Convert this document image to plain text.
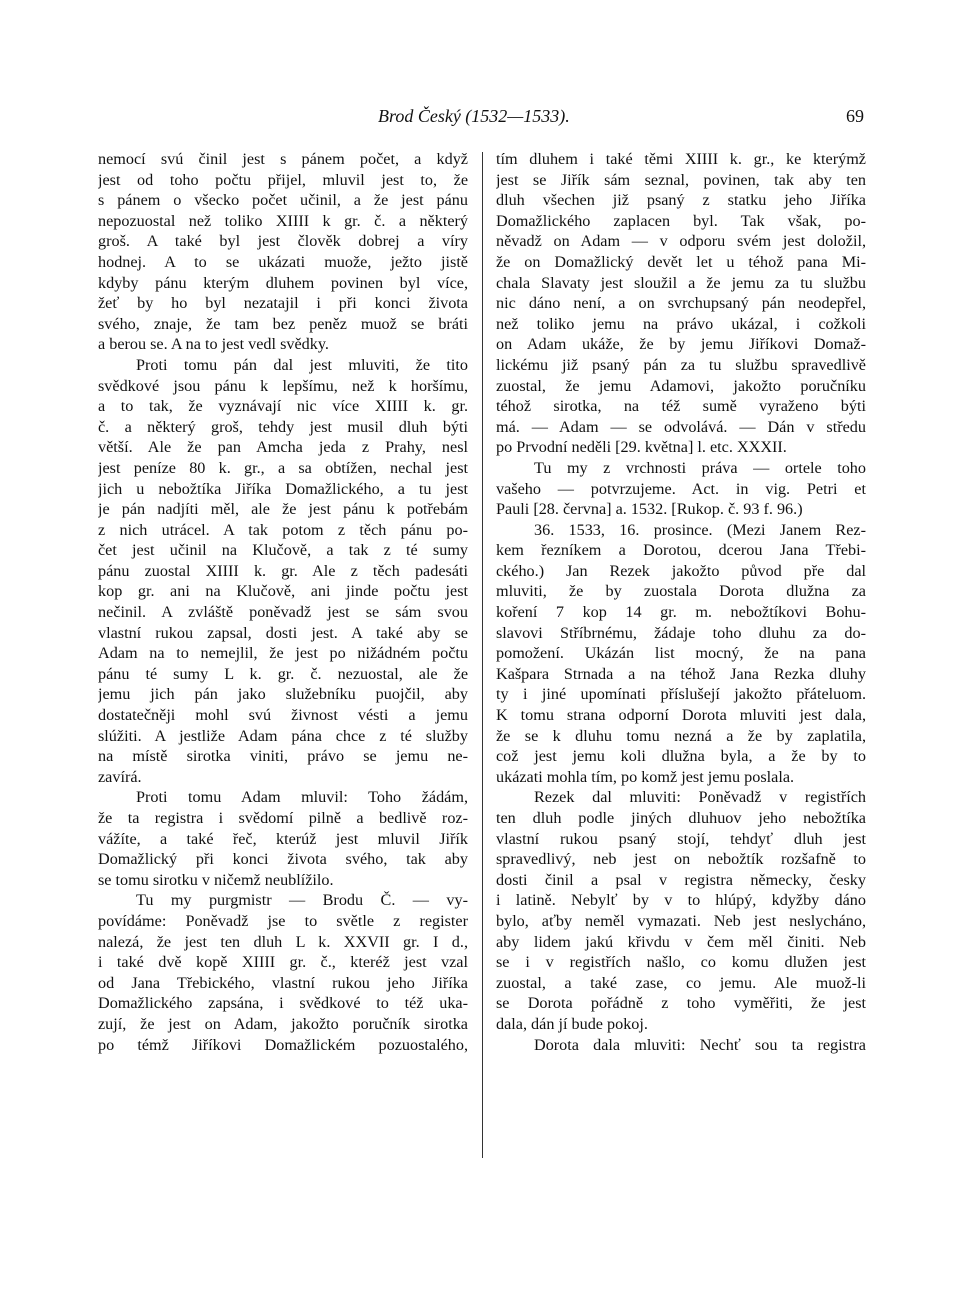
Brod Český (1532—1533).	69
nemocí svú činil jest s pánem počet, a když
jest od toho počtu přijel, mluvil jest to, že
s pánem o všecko počet učinil, a že jest pánu
nepozuostal než toliko XIIII k gr. č. a některý
groš. A také byl jest člověk dobrej a víry
hodnej. A to se ukázati muože, ježto jistě
kdyby pánu kterým dluhem povinen byl více,
žeť by ho byl nezatajil i při konci života
svého, znaje, že tam bez peněz muož se bráti
a berou se. A na to jest vedl svědky.
Proti tomu pán dal jest mluviti, že tito
svědkové jsou pánu k lepšímu, než k horšímu,
a to tak, že vyznávají nic více XIIII k. gr.
č. a některý groš, tehdy jest musil dluh býti
větší. Ale že pan Amcha jeda z Prahy, nesl
jest peníze 80 k. gr., a sa obtížen, nechal jest
jich u nebožtíka Jiříka Domažlického, a tu jest
je pán nadjíti měl, ale že jest pánu k potřebám
z nich utrácel. A tak potom z těch pánu po-
čet jest učinil na Klučově, a tak z té sumy
pánu zuostal XIIII k. gr. Ale z těch padesáti
kop gr. ani na Klučově, ani jinde počtu jest
nečinil. A zvláště poněvadž jest se sám svou
vlastní rukou zapsal, dosti jest. A také aby se
Adam na to nemejlil, že jest po nižádném počtu
pánu té sumy L k. gr. č. nezuostal, ale že
jemu jich pán jako služebníku puojčil, aby
dostatečněji mohl svú živnost vésti a jemu
slúžiti. A jestliže Adam pána chce z té služby
na místě sirotka viniti, právo se jemu ne-
zavírá.
Proti tomu Adam mluvil: Toho žádám,
že ta registra i svědomí pilně a bedlivě roz-
vážíte, a také řeč, kterúž jest mluvil Jiřík
Domažlický při konci života svého, tak aby
se tomu sirotku v ničemž neublížilo.
Tu my purgmistr — Brodu Č. — vy-
povídáme: Poněvadž jse to světle z register
nalezá, že jest ten dluh L k. XXVII gr. I d.,
i také dvě kopě XIIII gr. č., kteréž jest vzal
od Jana Třebického, vlastní rukou jeho Jiříka
Domažlického zapsána, i svědkové to též uka-
zují, že jest on Adam, jakožto poručník sirotka
po témž Jiříkovi Domažlickém pozuostalého,
tím dluhem i také těmi XIIII k. gr., ke kterýmž
jest se Jiřík sám seznal, povinen, tak aby ten
dluh všechen již psaný z statku jeho Jiříka
Domažlického zaplacen byl. Tak však, po-
něvadž on Adam — v odporu svém jest doložil,
že on Domažlický devět let u téhož pana Mi-
chala Slavaty jest sloužil a že jemu za tu službu
nic dáno není, a on svrchupsaný pán neodepřel,
než toliko jemu na právo ukázal, i cožkoli
on Adam ukáže, že by jemu Jiříkovi Domaž-
lickému již psaný pán za tu službu spravedlivě
zuostal, že jemu Adamovi, jakožto poručníku
téhož sirotka, na též sumě vyraženo býti
má. — Adam — se odvolává. — Dán v středu
po Prvodní neděli [29. května] l. etc. XXXII.
Tu my z vrchnosti práva — ortele toho
vašeho — potvrzujeme. Act. in vig. Petri et
Pauli [28. června] a. 1532. [Rukop. č. 93 f. 96.)
36. 1533, 16. prosince. (Mezi Janem Rez-
kem řezníkem a Dorotou, dcerou Jana Třebi-
ckého.) Jan Rezek jakožto původ pře dal
mluviti, že by zuostala Dorota dlužna za
koření 7 kop 14 gr. m. nebožtíkovi Bohu-
slavovi Stříbrnému, žádaje toho dluhu za do-
pomožení. Ukázán list mocný, že na pana
Kašpara Strnada a na téhož Jana Rezka dluhy
ty i jiné upomínati příslušejí jakožto přáteluom.
K tomu strana odporní Dorota mluviti jest dala,
že se k dluhu tomu nezná a že by zaplatila,
což jest jemu koli dlužna byla, a že by to
ukázati mohla tím, po komž jest jemu poslala.
Rezek dal mluviti: Poněvadž v registřích
ten dluh podle jiných dluhuov jeho nebožtíka
vlastní rukou psaný stojí, tehdyť dluh jest
spravedlivý, neb jest on nebožtík rozšafně to
dosti činil a psal v registra německy, česky
i latině. Nebylť by v to hlúpý, kdyžby dáno
bylo, aťby neměl vymazati. Neb jest neslycháno,
aby lidem jakú křivdu v čem měl činiti. Neb
se i v registřích našlo, co komu dlužen jest
zuostal, a také zase, co jemu. Ale muož-li
se Dorota pořádně z toho vyměřiti, že jest
dala, dán jí bude pokoj.
Dorota dala mluviti: Nechť sou ta registra
